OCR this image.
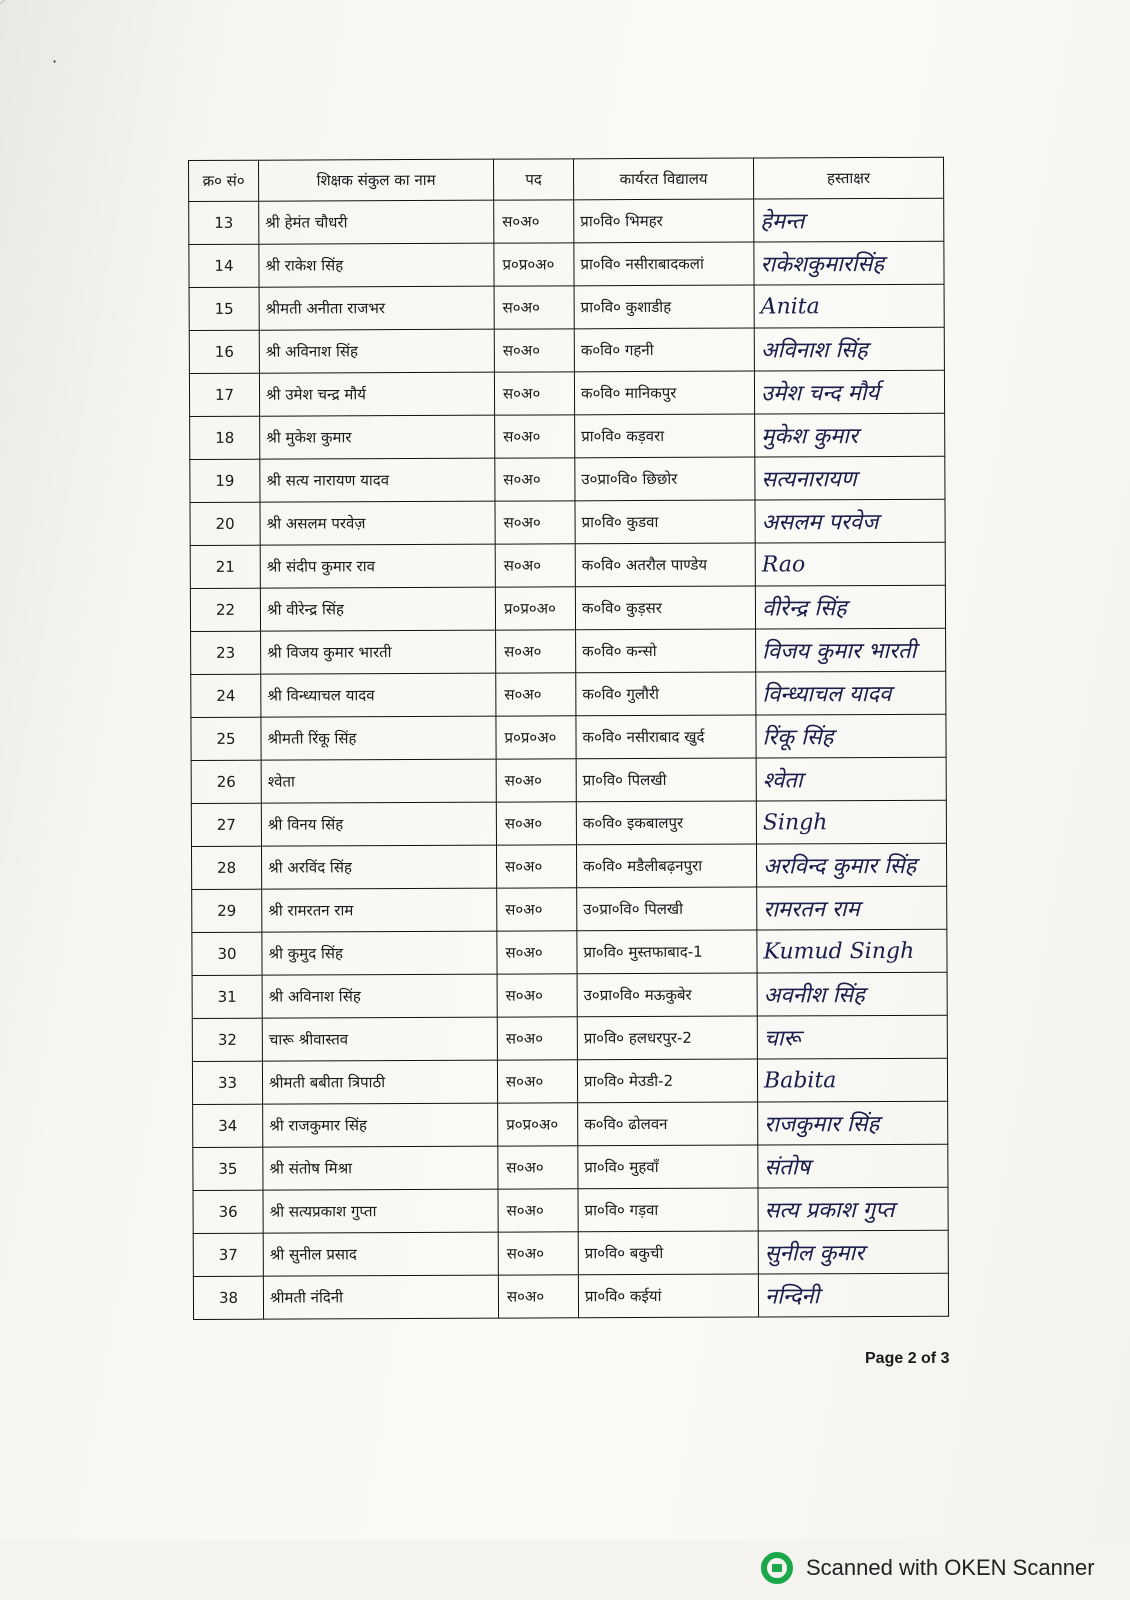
क्र० सं०	शिक्षक संकुल का नाम	पद	कार्यरत विद्यालय	हस्ताक्षर
13	श्री हेमंत चौधरी	स०अ०	प्रा०वि० भिमहर	हेमन्त
14	श्री राकेश सिंह	प्र०प्र०अ०	प्रा०वि० नसीराबादकलां	राकेशकुमारसिंह
15	श्रीमती अनीता राजभर	स०अ०	प्रा०वि० कुशाडीह	Anita
16	श्री अविनाश सिंह	स०अ०	क०वि० गहनी	अविनाश सिंह
17	श्री उमेश चन्द्र मौर्य	स०अ०	क०वि० मानिकपुर	उमेश चन्द मौर्य
18	श्री मुकेश कुमार	स०अ०	प्रा०वि० कड़वरा	मुकेश कुमार
19	श्री सत्य नारायण यादव	स०अ०	उ०प्रा०वि० छिछोर	सत्यनारायण
20	श्री असलम परवेज़	स०अ०	प्रा०वि० कुडवा	असलम परवेज
21	श्री संदीप कुमार राव	स०अ०	क०वि० अतरौल पाण्डेय	Rao
22	श्री वीरेन्द्र सिंह	प्र०प्र०अ०	क०वि० कुड़सर	वीरेन्द्र सिंह
23	श्री विजय कुमार भारती	स०अ०	क०वि० कन्सो	विजय कुमार भारती
24	श्री विन्ध्याचल यादव	स०अ०	क०वि० गुलौरी	विन्ध्याचल यादव
25	श्रीमती रिंकू सिंह	प्र०प्र०अ०	क०वि० नसीराबाद खुर्द	रिंकू सिंह
26	श्वेता	स०अ०	प्रा०वि० पिलखी	श्वेता
27	श्री विनय सिंह	स०अ०	क०वि० इकबालपुर	Singh
28	श्री अरविंद सिंह	स०अ०	क०वि० मडैलीबढ़नपुरा	अरविन्द कुमार सिंह
29	श्री रामरतन राम	स०अ०	उ०प्रा०वि० पिलखी	रामरतन राम
30	श्री कुमुद सिंह	स०अ०	प्रा०वि० मुस्तफाबाद-1	Kumud Singh
31	श्री अविनाश सिंह	स०अ०	उ०प्रा०वि० मऊकुबेर	अवनीश सिंह
32	चारू श्रीवास्तव	स०अ०	प्रा०वि० हलधरपुर-2	चारू
33	श्रीमती बबीता त्रिपाठी	स०अ०	प्रा०वि० मेउडी-2	Babita
34	श्री राजकुमार सिंह	प्र०प्र०अ०	क०वि० ढोलवन	राजकुमार सिंह
35	श्री संतोष मिश्रा	स०अ०	प्रा०वि० मुहवाँ	संतोष
36	श्री सत्यप्रकाश गुप्ता	स०अ०	प्रा०वि० गड़वा	सत्य प्रकाश गुप्त
37	श्री सुनील प्रसाद	स०अ०	प्रा०वि० बकुची	सुनील कुमार
38	श्रीमती नंदिनी	स०अ०	प्रा०वि० कईयां	नन्दिनी
Page 2 of 3
Scanned with OKEN Scanner
